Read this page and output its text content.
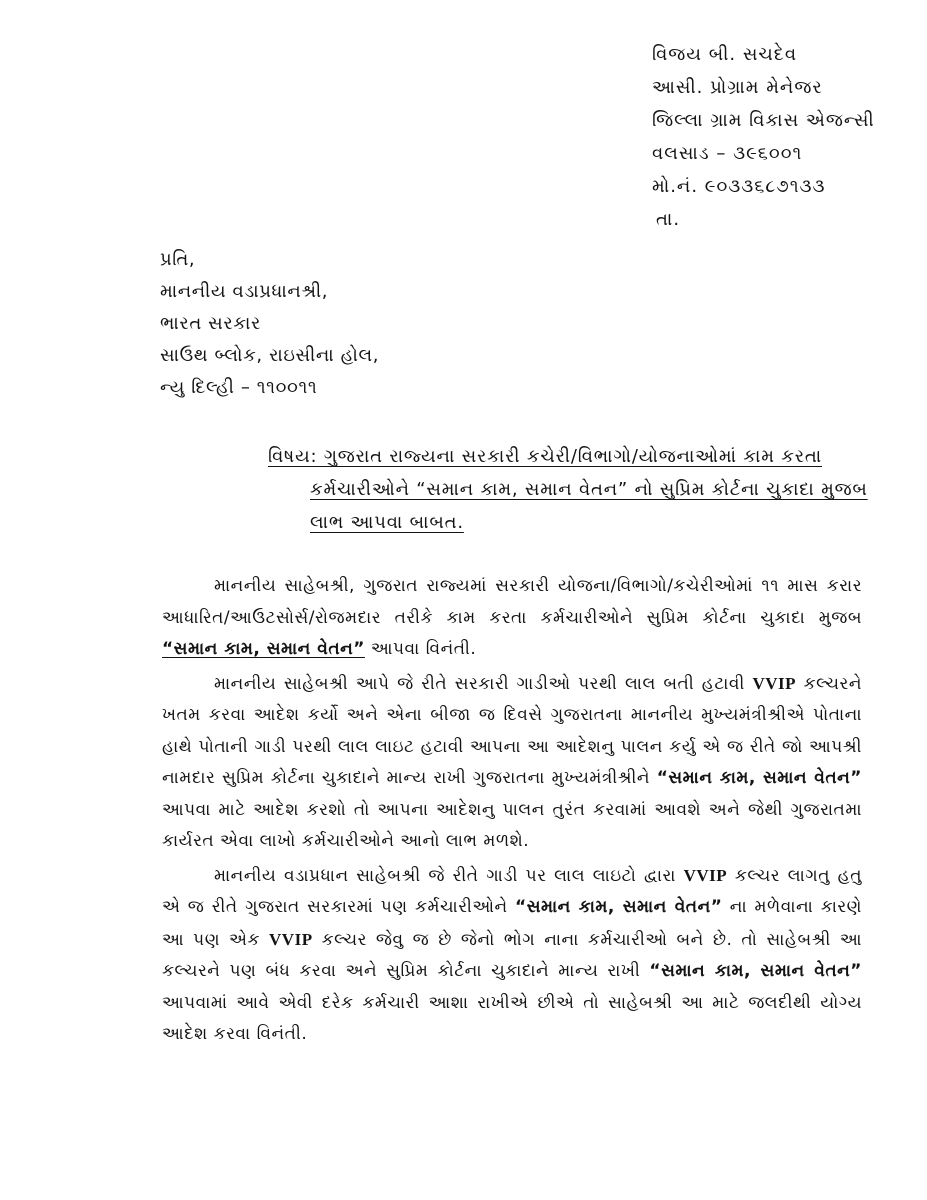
વિજય બી. સચદેવ
આસી. પ્રોગ્રામ મેનેજર
જિલ્લા ગ્રામ વિકાસ એજન્સી
વલસાડ – ૩૯૬૦૦૧
મો.નં. ૯૦૩૩૬૮૭૧૩૩
તા.
પ્રતિ,
માનનીય વડાપ્રધાનશ્રી,
ભારત સરકાર
સાઉથ બ્લોક, રાઇસીના હોલ,
ન્યુ દિલ્હી – ૧૧૦૦૧૧
વિષય: ગુજરાત રાજ્યના સરકારી કચેરી/વિભાગો/યોજનાઓમાં કામ કરતા
કર્મચારીઓને “સમાન કામ, સમાન વેતન” નો સુપ્રિમ કોર્ટના ચુકાદા મુજબ
લાભ આપવા બાબત.

માનનીય સાહેબશ્રી, ગુજરાત રાજ્યમાં સરકારી યોજના/વિભાગો/કચેરીઓમાં ૧૧ માસ કરાર આધારિત/આઉટસોર્સ/રોજમદાર તરીકે કામ કરતા કર્મચારીઓને સુપ્રિમ કોર્ટના ચુકાદા મુજબ “સમાન કામ, સમાન વેતન” આપવા વિનંતી.

માનનીય સાહેબશ્રી આપે જે રીતે સરકારી ગાડીઓ પરથી લાલ બતી હટાવી VVIP કલ્ચરને ખતમ કરવા આદેશ કર્યો અને એના બીજા જ દિવસે ગુજરાતના માનનીય મુખ્યમંત્રીશ્રીએ પોતાના હાથે પોતાની ગાડી પરથી લાલ લાઇટ હટાવી આપના આ આદેશનુ પાલન કર્યુ એ જ રીતે જો આપશ્રી નામદાર સુપ્રિમ કોર્ટના ચુકાદાને માન્ય રાખી ગુજરાતના મુખ્યમંત્રીશ્રીને “સમાન કામ, સમાન વેતન” આપવા માટે આદેશ કરશો તો આપના આદેશનુ પાલન તુરંત કરવામાં આવશે અને જેથી ગુજરાતમા કાર્યરત એવા લાખો કર્મચારીઓને આનો લાભ મળશે.

માનનીય વડાપ્રધાન સાહેબશ્રી જે રીતે ગાડી પર લાલ લાઇટો દ્વારા VVIP કલ્ચર લાગતુ હતુ એ જ રીતે ગુજરાત સરકારમાં પણ કર્મચારીઓને “સમાન કામ, સમાન વેતન” ના મળેવાના કારણે આ પણ એક VVIP કલ્ચર જેવુ જ છે જેનો ભોગ નાના કર્મચારીઓ બને છે. તો સાહેબશ્રી આ કલ્ચરને પણ બંધ કરવા અને સુપ્રિમ કોર્ટના ચુકાદાને માન્ય રાખી “સમાન કામ, સમાન વેતન” આપવામાં આવે એવી દરેક કર્મચારી આશા રાખીએ છીએ તો સાહેબશ્રી આ માટે જલદીથી યોગ્ય આદેશ કરવા વિનંતી.
